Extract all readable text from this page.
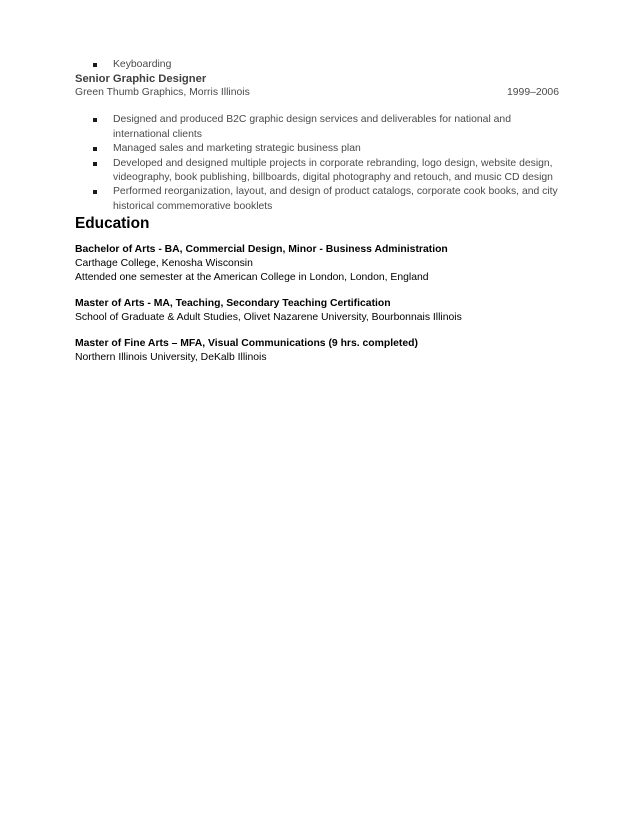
Keyboarding
Senior Graphic Designer
Green Thumb Graphics, Morris Illinois	1999–2006
Designed and produced B2C graphic design services and deliverables for national and international clients
Managed sales and marketing strategic business plan
Developed and designed multiple projects in corporate rebranding, logo design, website design, videography, book publishing, billboards, digital photography and retouch, and music CD design
Performed reorganization, layout, and design of product catalogs, corporate cook books, and city historical commemorative booklets
Education
Bachelor of Arts - BA, Commercial Design, Minor - Business Administration
Carthage College, Kenosha Wisconsin
Attended one semester at the American College in London, London, England
Master of Arts - MA, Teaching, Secondary Teaching Certification
School of Graduate & Adult Studies, Olivet Nazarene University, Bourbonnais Illinois
Master of Fine Arts – MFA, Visual Communications (9 hrs. completed)
Northern Illinois University, DeKalb Illinois
